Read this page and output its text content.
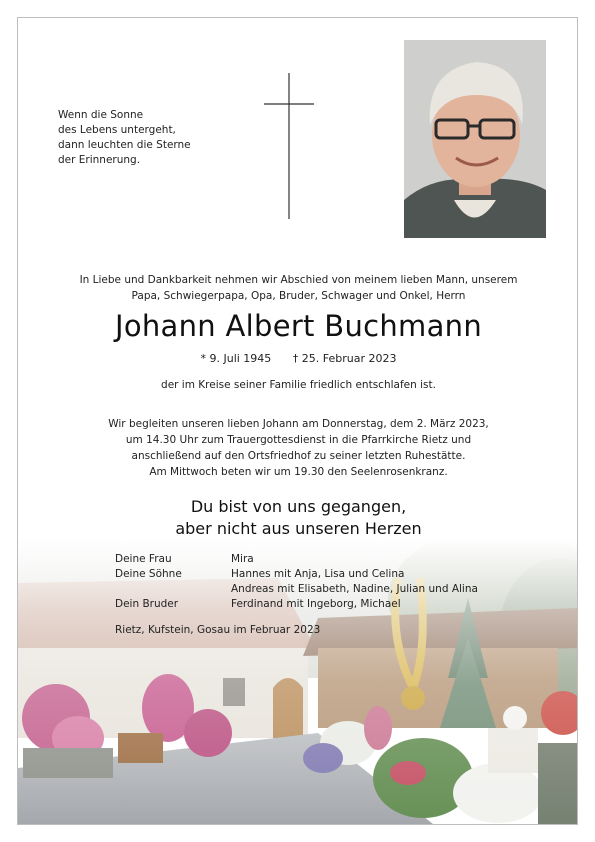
Wenn die Sonne
des Lebens untergeht,
dann leuchten die Sterne
der Erinnerung.
In Liebe und Dankbarkeit nehmen wir Abschied von meinem lieben Mann, unserem
Papa, Schwiegerpapa, Opa, Bruder, Schwager und Onkel, Herrn
Johann Albert Buchmann
* 9. Juli 1945 † 25. Februar 2023
der im Kreise seiner Familie friedlich entschlafen ist.
Wir begleiten unseren lieben Johann am Donnerstag, dem 2. März 2023,
um 14.30 Uhr zum Trauergottesdienst in die Pfarrkirche Rietz und
anschließend auf den Ortsfriedhof zu seiner letzten Ruhestätte.
Am Mittwoch beten wir um 19.30 den Seelenrosenkranz.
Du bist von uns gegangen,
aber nicht aus unseren Herzen
Deine Frau	Mira
Deine Söhne	Hannes mit Anja, Lisa und Celina
Andreas mit Elisabeth, Nadine, Julian und Alina
Dein Bruder	Ferdinand mit Ingeborg, Michael
Rietz, Kufstein, Gosau im Februar 2023
